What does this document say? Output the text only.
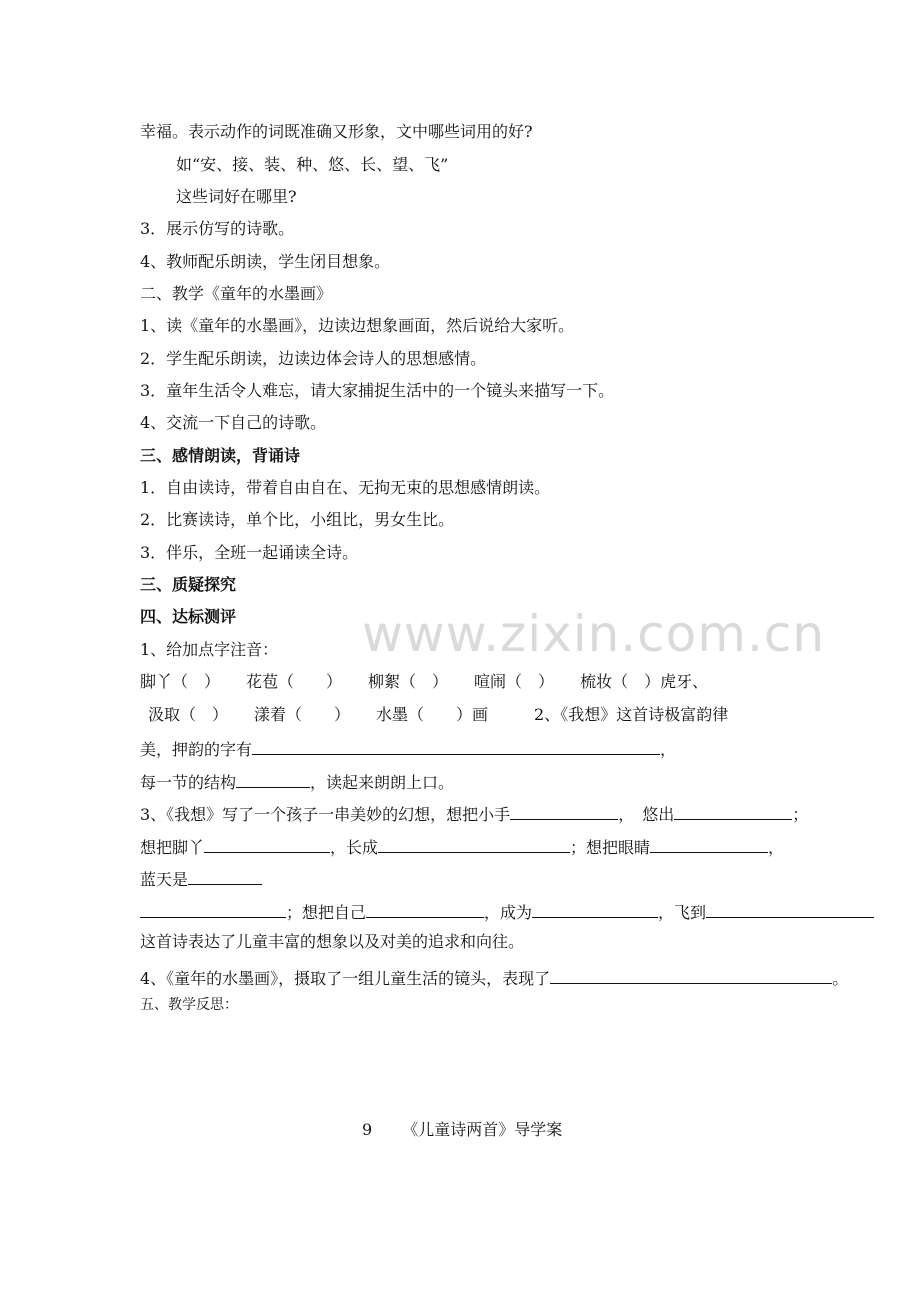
www.zixin.com.cn
幸福。表示动作的词既准确又形象，文中哪些词用的好?
如“安、接、装、种、悠、长、望、飞”
这些词好在哪里?
3．展示仿写的诗歌。
4、教师配乐朗读，学生闭目想象。
二、教学《童年的水墨画》
1、读《童年的水墨画》，边读边想象画面，然后说给大家听。
2．学生配乐朗读，边读边体会诗人的思想感情。
3．童年生活令人难忘，请大家捕捉生活中的一个镜头来描写一下。
4、交流一下自己的诗歌。
三、感情朗读，背诵诗
1．自由读诗，带着自由自在、无拘无束的思想感情朗读。
2．比赛读诗，单个比，小组比，男女生比。
3．伴乐，全班一起诵读全诗。
三、质疑探究
四、达标测评
1、给加点字注音：
脚丫（　） 花苞（　　） 柳絮（　） 喧闹（　） 梳妆（　）虎牙、
汲取（　） 漾着（　　） 水墨（　　）画	2、《我想》这首诗极富韵律
美，押韵的字有	，
每一节的结构	，读起来朗朗上口。
3、《我想》写了一个孩子一串美妙的幻想，想把小手	，　悠出	；
想把脚丫	，长成	；想把眼睛	，
蓝天是
；想把自己	，成为	，飞到
这首诗表达了儿童丰富的想象以及对美的追求和向往。
4、《童年的水墨画》，摄取了一组儿童生活的镜头，表现了	。
五、教学反思：
9 《儿童诗两首》导学案
